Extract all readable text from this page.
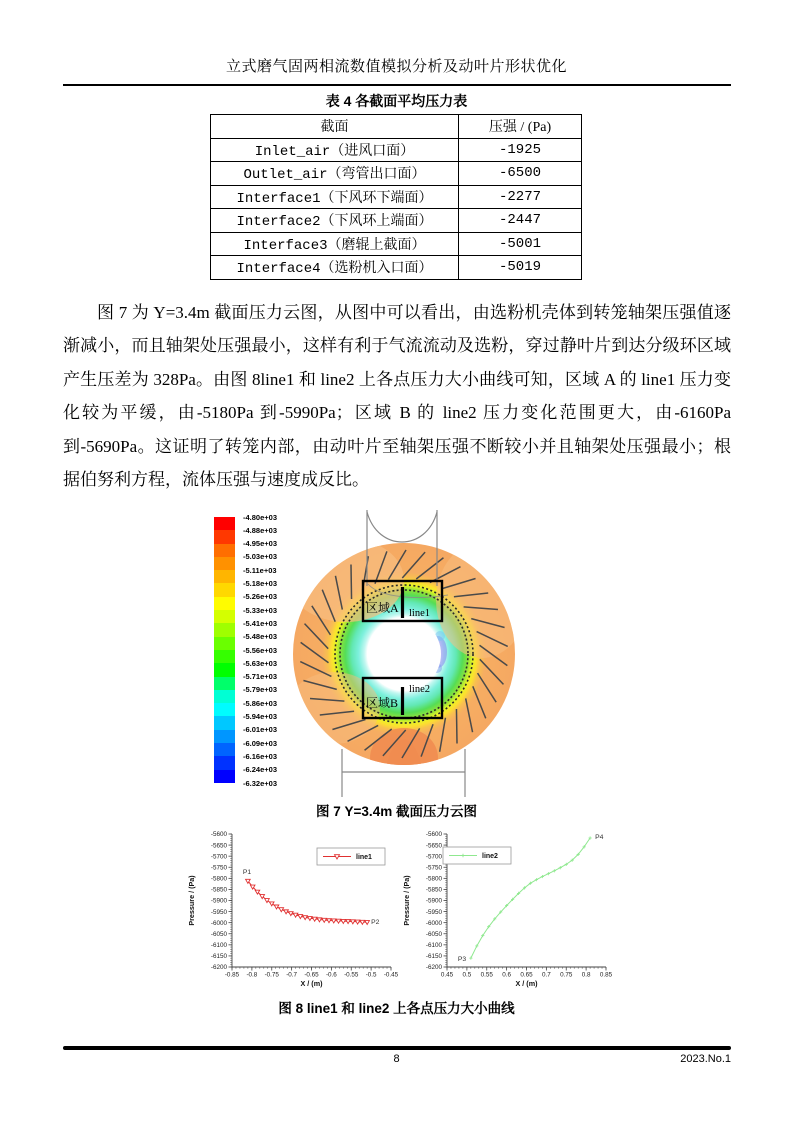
立式磨气固两相流数值模拟分析及动叶片形状优化
表 4 各截面平均压力表
截面	压强 / (Pa)
Inlet_air（进风口面）	-1925
Outlet_air（弯管出口面）	-6500
Interface1（下风环下端面）	-2277
Interface2（下风环上端面）	-2447
Interface3（磨辊上截面）	-5001
Interface4（选粉机入口面）	-5019
图 7 为 Y=3.4m 截面压力云图，从图中可以看出，由选粉机壳体到转笼轴架压强值逐渐减小，而且轴架处压强最小，这样有利于气流流动及选粉，穿过静叶片到达分级环区域产生压差为 328Pa。由图 8line1 和 line2 上各点压力大小曲线可知，区域 A 的 line1 压力变化较为平缓，由-5180Pa 到-5990Pa；区域 B 的 line2 压力变化范围更大，由-6160Pa 到-5690Pa。这证明了转笼内部，由动叶片至轴架压强不断较小并且轴架处压强最小；根据伯努利方程，流体压强与速度成反比。
-4.80e+03
-4.88e+03
-4.95e+03
-5.03e+03
-5.11e+03
-5.18e+03
-5.26e+03
-5.33e+03
-5.41e+03
-5.48e+03
-5.56e+03
-5.63e+03
-5.71e+03
-5.79e+03
-5.86e+03
-5.94e+03
-6.01e+03
-6.09e+03
-6.16e+03
-6.24e+03
-6.32e+03
区域A line1
区域B
line2
图 7 Y=3.4m 截面压力云图
-0.85 -0.8 -0.75 -0.7 -0.65 -0.6 -0.55 -0.5 -0.45
-5600
-5650
-5700
-5750
-5800
-5850
-5900
-5950
-6000
-6050
-6100
-6150
-6200
X / (m)
Pressure / (Pa)
P1
P2
line1
0.45 0.5 0.55 0.6 0.65 0.7 0.75 0.8 0.85
-5600
-5650
-5700
-5750
-5800
-5850
-5900
-5950
-6000
-6050
-6100
-6150
-6200
X / (m)
Pressure / (Pa)
P3
P4
line2
图 8 line1 和 line2 上各点压力大小曲线
8	2023.No.1
